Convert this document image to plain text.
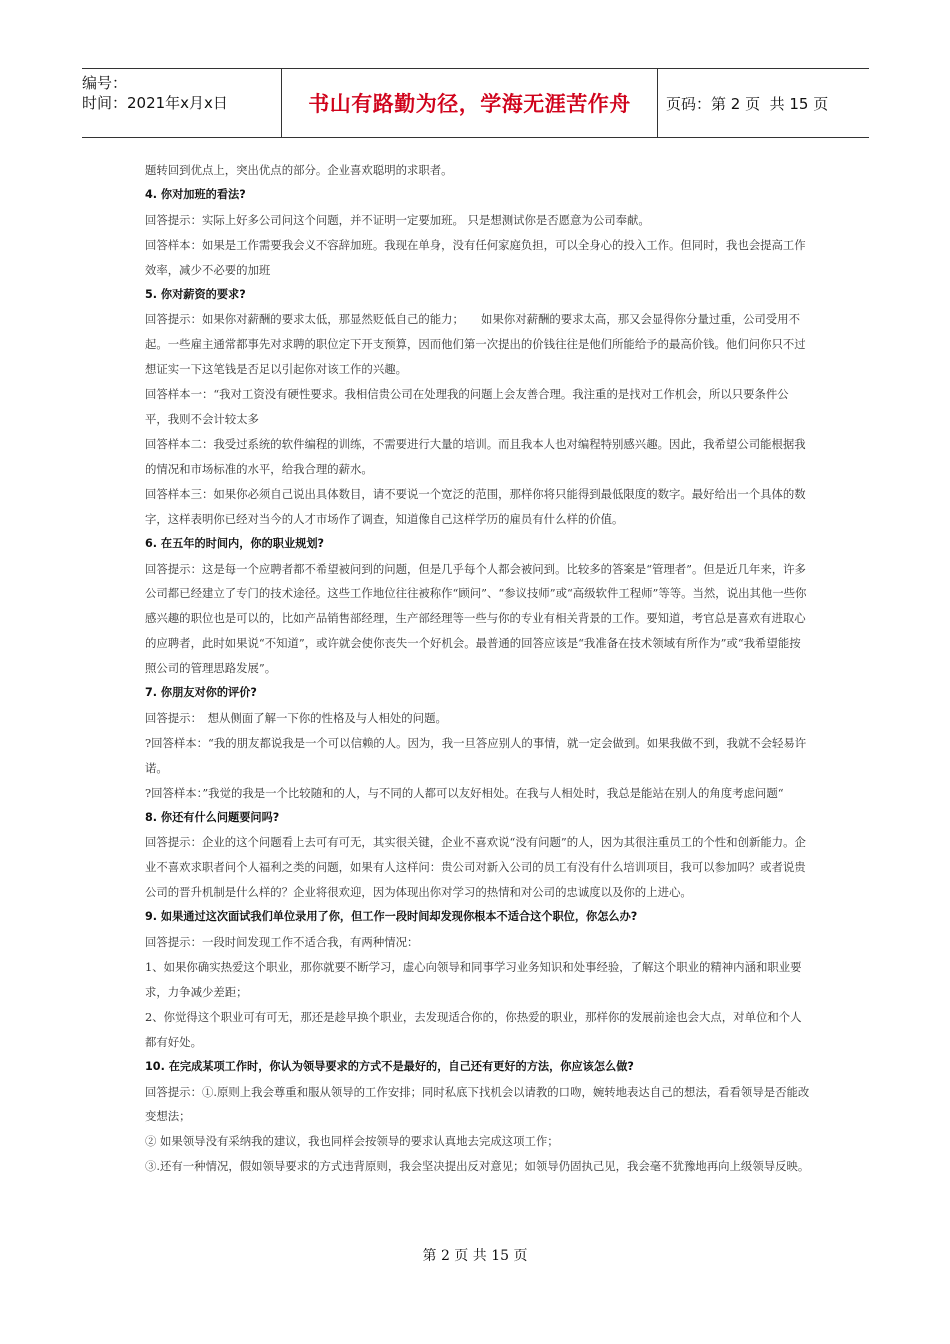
编号：
时间：2021年x月x日	书山有路勤为径，学海无涯苦作舟	页码：第 2 页  共 15 页

题转回到优点上，突出优点的部分。企业喜欢聪明的求职者。

4. 你对加班的看法?

回答提示：实际上好多公司问这个问题，并不证明一定要加班。 只是想测试你是否愿意为公司奉献。

回答样本：如果是工作需要我会义不容辞加班。我现在单身，没有任何家庭负担，可以全身心的投入工作。但同时，我也会提高工作效率，减少不必要的加班

5. 你对薪资的要求?

回答提示：如果你对薪酬的要求太低，那显然贬低自己的能力；　　如果你对薪酬的要求太高，那又会显得你分量过重，公司受用不起。一些雇主通常都事先对求聘的职位定下开支预算，因而他们第一次提出的价钱往往是他们所能给予的最高价钱。他们问你只不过想证实一下这笔钱是否足以引起你对该工作的兴趣。

回答样本一：“我对工资没有硬性要求。我相信贵公司在处理我的问题上会友善合理。我注重的是找对工作机会，所以只要条件公平，我则不会计较太多

回答样本二：我受过系统的软件编程的训练，不需要进行大量的培训。而且我本人也对编程特别感兴趣。因此，我希望公司能根据我的情况和市场标准的水平，给我合理的薪水。

回答样本三：如果你必须自己说出具体数目，请不要说一个宽泛的范围，那样你将只能得到最低限度的数字。最好给出一个具体的数字，这样表明你已经对当今的人才市场作了调查，知道像自己这样学历的雇员有什么样的价值。

6. 在五年的时间内，你的职业规划?

回答提示：这是每一个应聘者都不希望被问到的问题，但是几乎每个人都会被问到。比较多的答案是“管理者”。但是近几年来，许多公司都已经建立了专门的技术途径。这些工作地位往往被称作“顾问”、“参议技师”或“高级软件工程师”等等。当然，说出其他一些你感兴趣的职位也是可以的，比如产品销售部经理，生产部经理等一些与你的专业有相关背景的工作。要知道，考官总是喜欢有进取心的应聘者，此时如果说“不知道”，或许就会使你丧失一个好机会。最普通的回答应该是“我准备在技术领域有所作为”或“我希望能按照公司的管理思路发展”。

7. 你朋友对你的评价?

回答提示：　想从侧面了解一下你的性格及与人相处的问题。

?回答样本：“我的朋友都说我是一个可以信赖的人。因为，我一旦答应别人的事情，就一定会做到。如果我做不到，我就不会轻易许诺。

?回答样本：”我觉的我是一个比较随和的人，与不同的人都可以友好相处。在我与人相处时，我总是能站在别人的角度考虑问题“

8. 你还有什么问题要问吗?

回答提示：企业的这个问题看上去可有可无，其实很关键，企业不喜欢说“没有问题”的人，因为其很注重员工的个性和创新能力。企业不喜欢求职者问个人福利之类的问题，如果有人这样问：贵公司对新入公司的员工有没有什么培训项目，我可以参加吗？或者说贵公司的晋升机制是什么样的？企业将很欢迎，因为体现出你对学习的热情和对公司的忠诚度以及你的上进心。

9. 如果通过这次面试我们单位录用了你，但工作一段时间却发现你根本不适合这个职位，你怎么办?

回答提示：一段时间发现工作不适合我，有两种情况：

1、如果你确实热爱这个职业，那你就要不断学习，虚心向领导和同事学习业务知识和处事经验，了解这个职业的精神内涵和职业要求，力争减少差距；

2、你觉得这个职业可有可无，那还是趁早换个职业，去发现适合你的，你热爱的职业，那样你的发展前途也会大点，对单位和个人都有好处。

10. 在完成某项工作时，你认为领导要求的方式不是最好的，自己还有更好的方法，你应该怎么做?

回答提示：①.原则上我会尊重和服从领导的工作安排；同时私底下找机会以请教的口吻，婉转地表达自己的想法，看看领导是否能改变想法；

② 如果领导没有采纳我的建议，我也同样会按领导的要求认真地去完成这项工作；

③.还有一种情况，假如领导要求的方式违背原则，我会坚决提出反对意见；如领导仍固执己见，我会毫不犹豫地再向上级领导反映。

第 2 页 共 15 页
